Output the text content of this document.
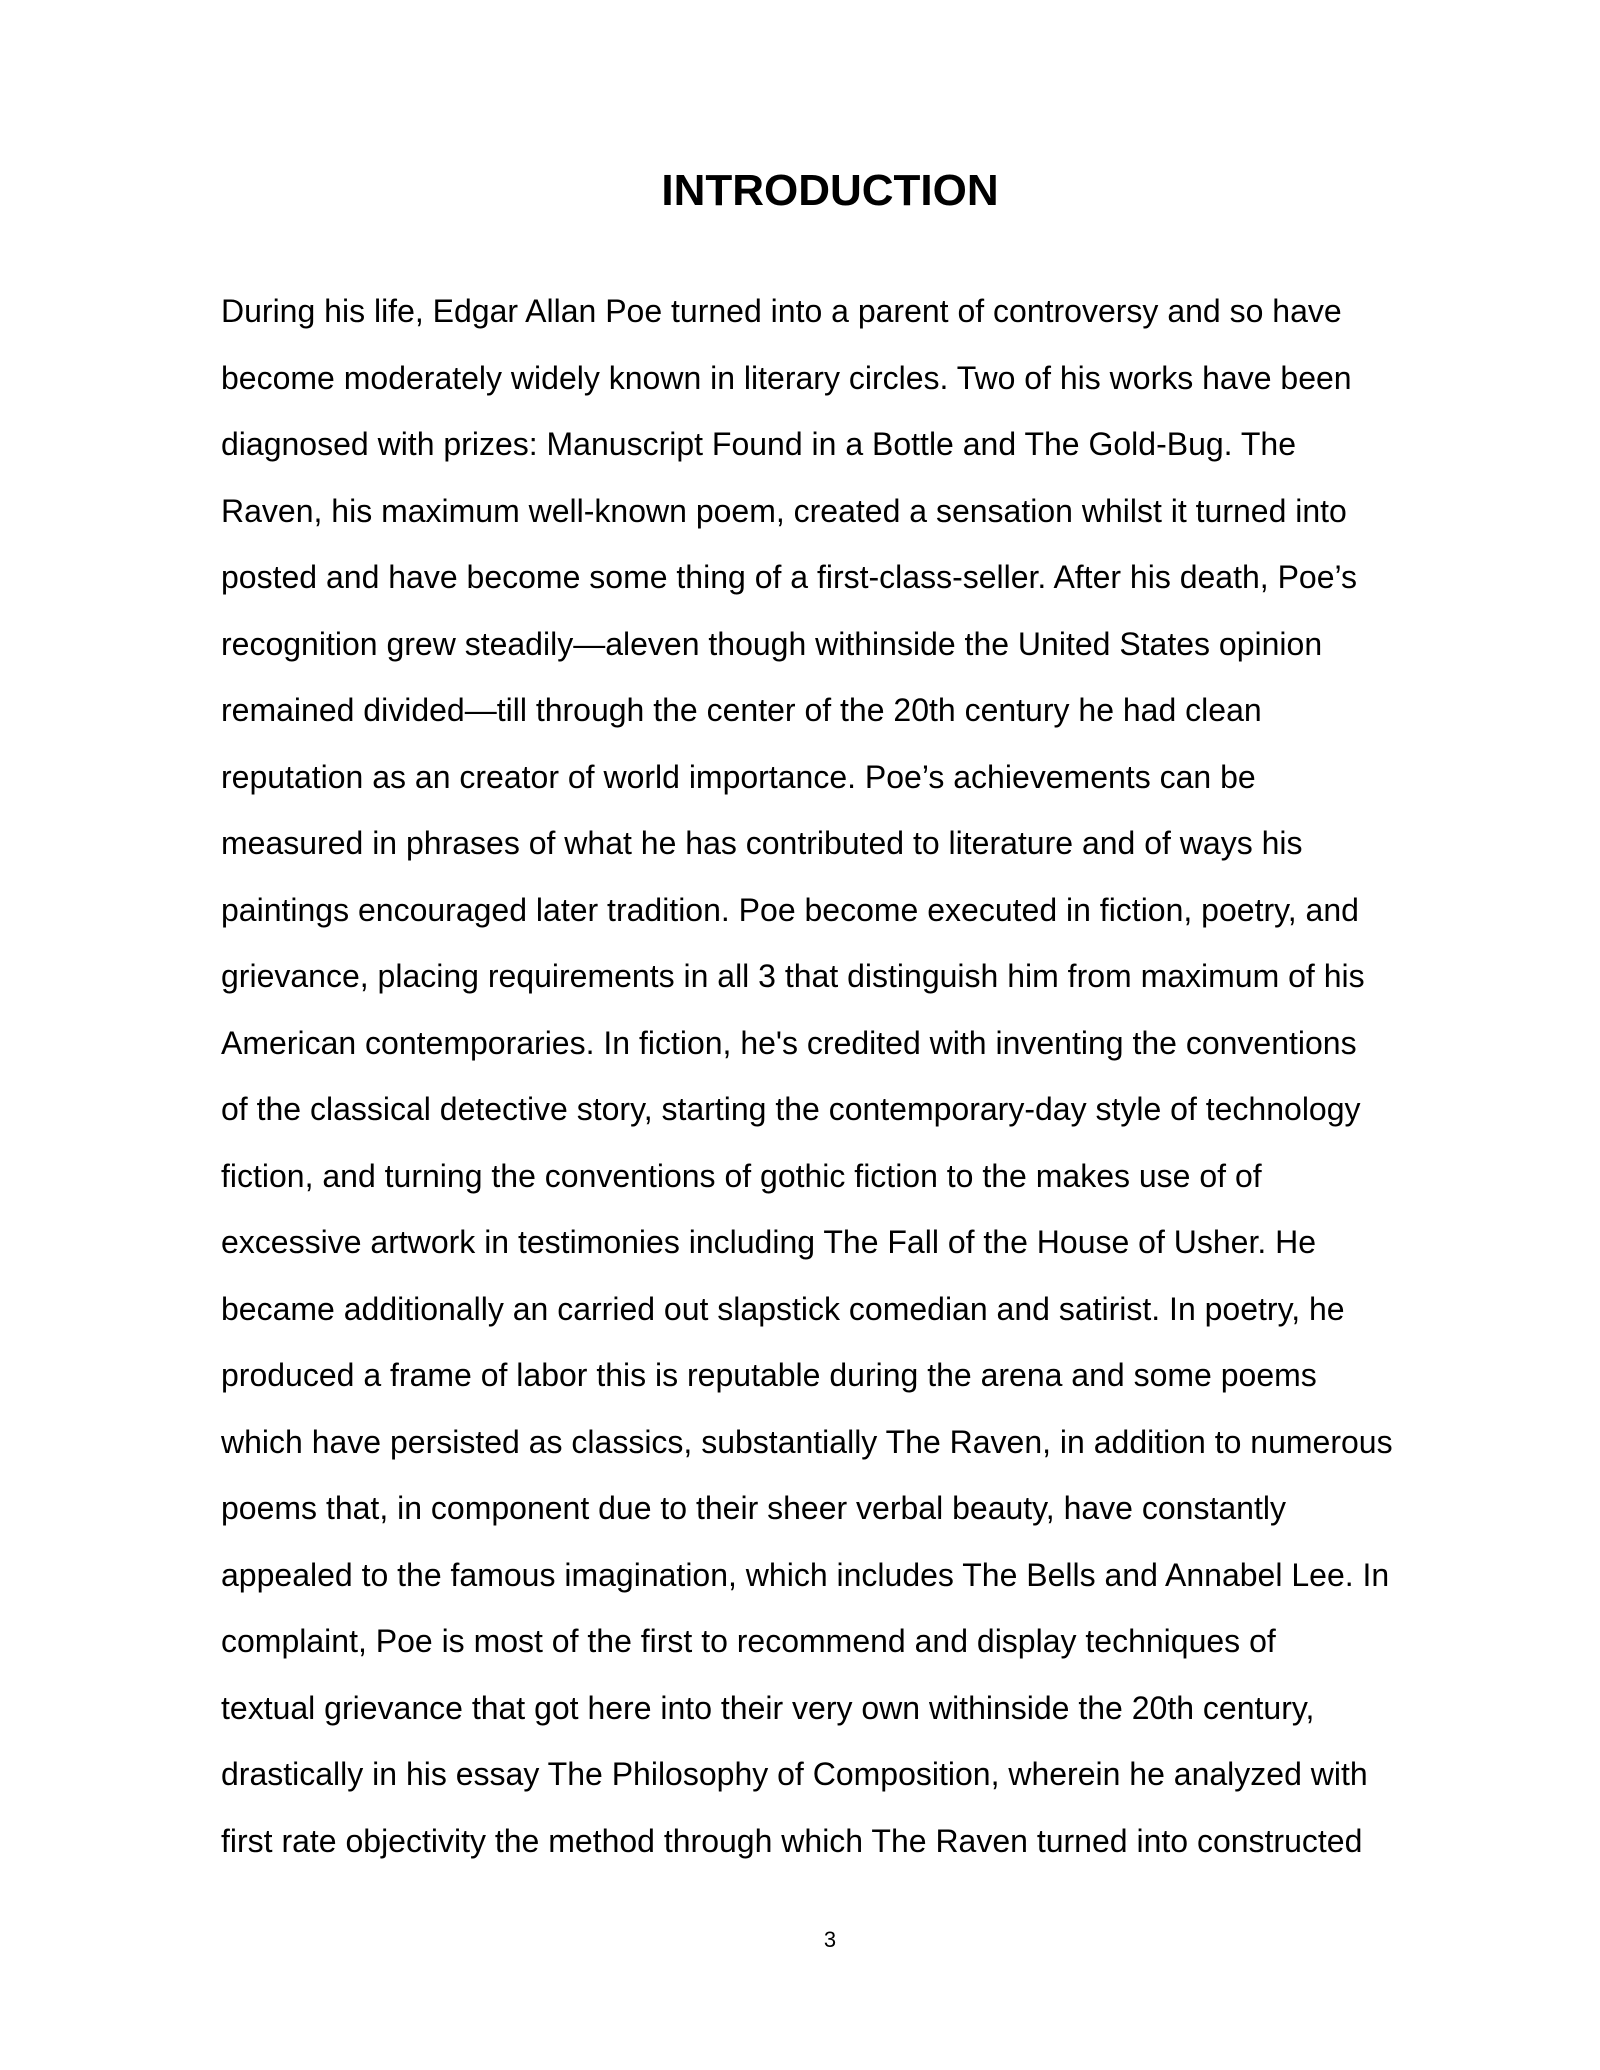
INTRODUCTION
During his life, Edgar Allan Poe turned into a parent of controversy and so have
become moderately widely known in literary circles. Two of his works have been
diagnosed with prizes: Manuscript Found in a Bottle and The Gold-Bug. The
Raven, his maximum well-known poem, created a sensation whilst it turned into
posted and have become some thing of a first-class-seller. After his death, Poe’s
recognition grew steadily—aleven though withinside the United States opinion
remained divided—till through the center of the 20th century he had clean
reputation as an creator of world importance. Poe’s achievements can be
measured in phrases of what he has contributed to literature and of ways his
paintings encouraged later tradition. Poe become executed in fiction, poetry, and
grievance, placing requirements in all 3 that distinguish him from maximum of his
American contemporaries. In fiction, he's credited with inventing the conventions
of the classical detective story, starting the contemporary-day style of technology
fiction, and turning the conventions of gothic fiction to the makes use of of
excessive artwork in testimonies including The Fall of the House of Usher. He
became additionally an carried out slapstick comedian and satirist. In poetry, he
produced a frame of labor this is reputable during the arena and some poems
which have persisted as classics, substantially The Raven, in addition to numerous
poems that, in component due to their sheer verbal beauty, have constantly
appealed to the famous imagination, which includes The Bells and Annabel Lee. In
complaint, Poe is most of the first to recommend and display techniques of
textual grievance that got here into their very own withinside the 20th century,
drastically in his essay The Philosophy of Composition, wherein he analyzed with
first rate objectivity the method through which The Raven turned into constructed
3
